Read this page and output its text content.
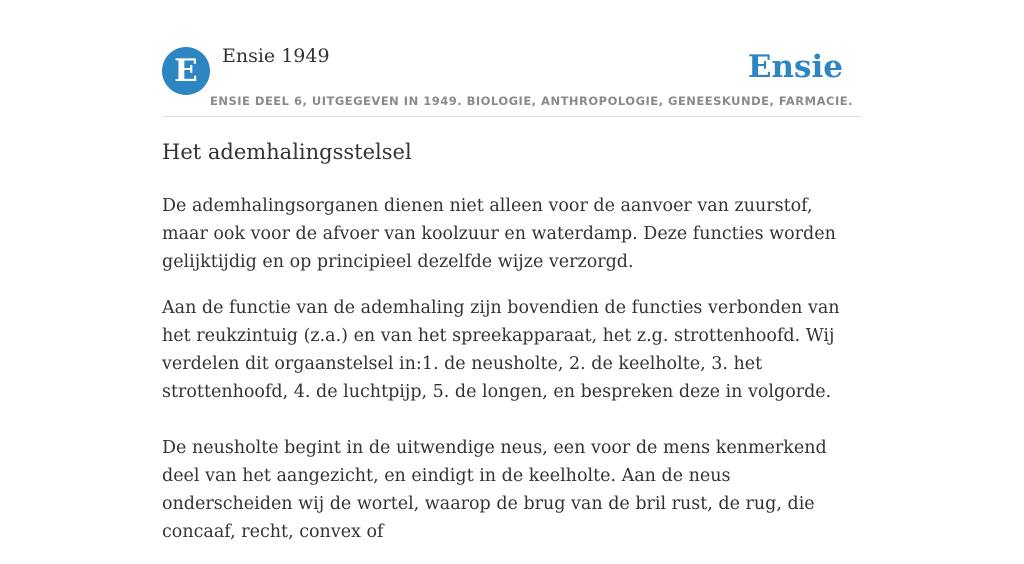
E	Ensie 1949	Ensie
ENSIE DEEL 6, UITGEGEVEN IN 1949. BIOLOGIE, ANTHROPOLOGIE, GENEESKUNDE, FARMACIE.
Het ademhalingsstelsel

De ademhalingsorganen dienen niet alleen voor de aanvoer van zuurstof, maar ook voor de afvoer van koolzuur en waterdamp. Deze functies worden gelijktijdig en op principieel dezelfde wijze verzorgd.

Aan de functie van de ademhaling zijn bovendien de functies verbonden van het reukzintuig (z.a.) en van het spreekapparaat, het z.g. strottenhoofd. Wij verdelen dit orgaanstelsel in:1. de neusholte, 2. de keelholte, 3. het strottenhoofd, 4. de luchtpijp, 5. de longen, en bespreken deze in volgorde.

De neusholte begint in de uitwendige neus, een voor de mens kenmerkend deel van het aangezicht, en eindigt in de keelholte. Aan de neus onderscheiden wij de wortel, waarop de brug van de bril rust, de rug, die concaaf, recht, convex of
